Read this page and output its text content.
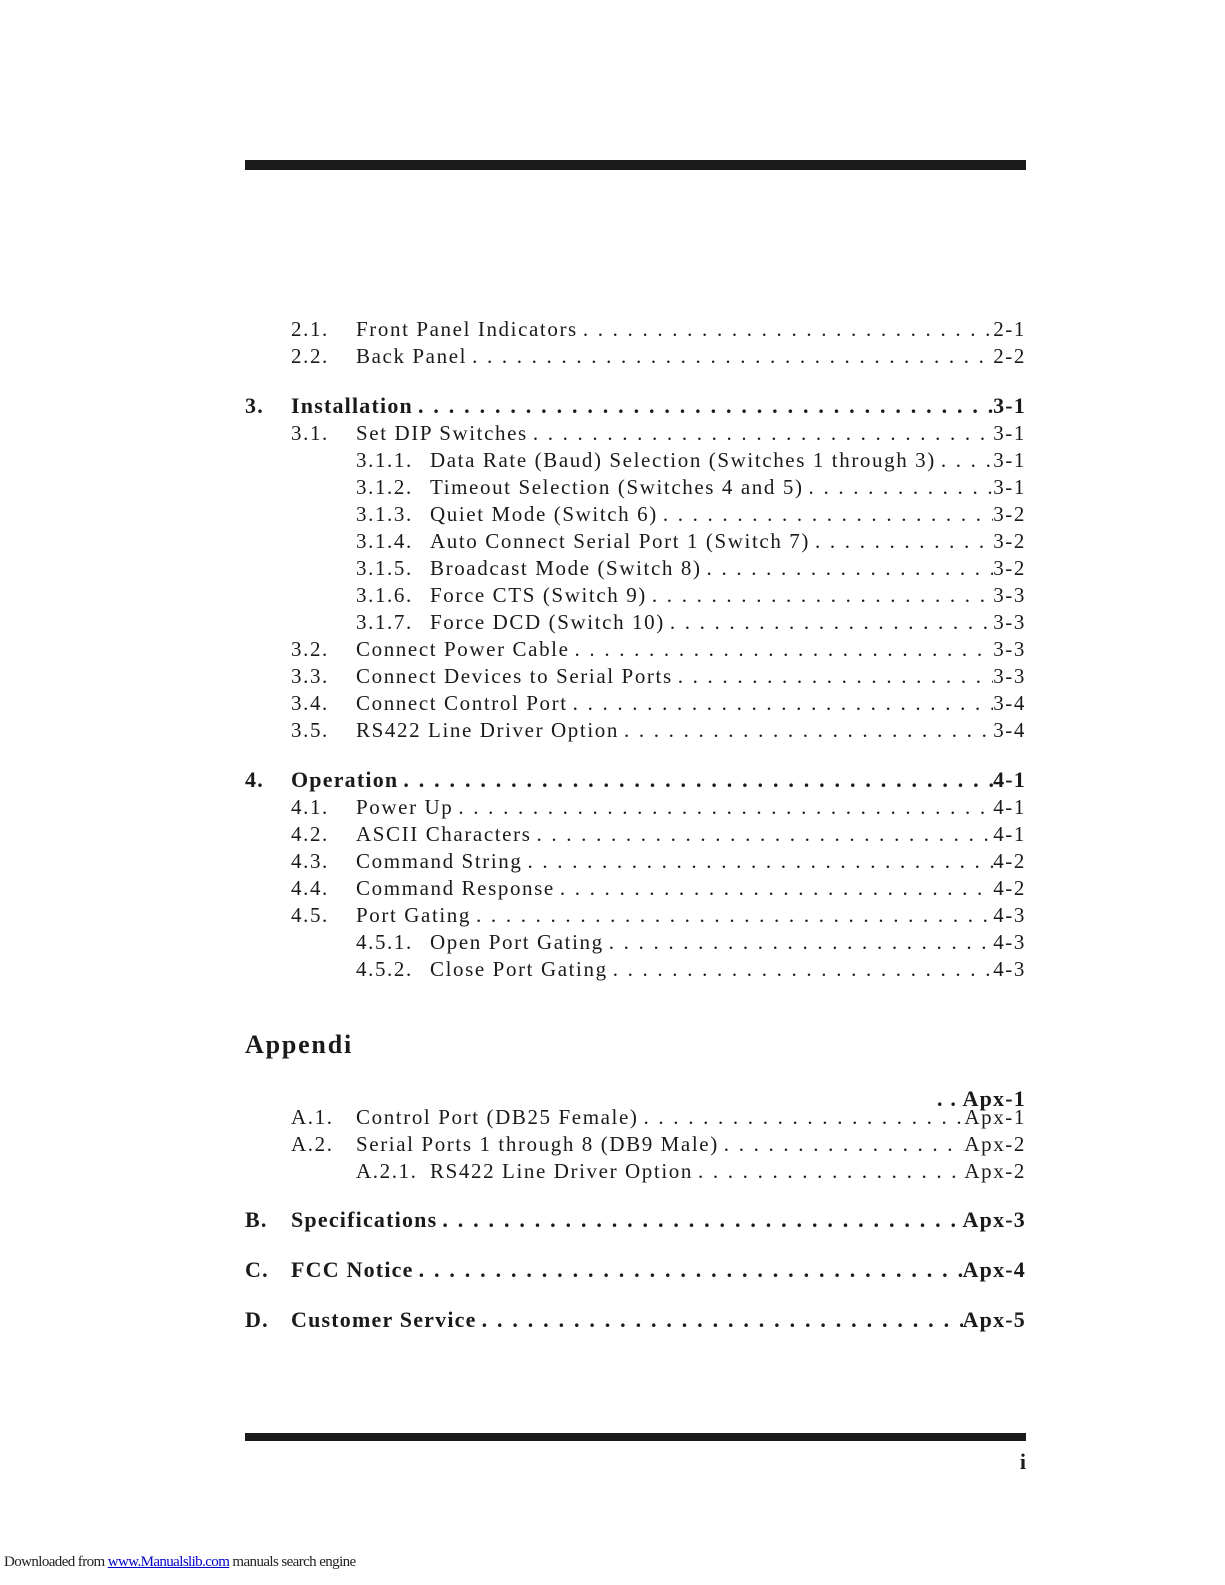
2.1.	Front Panel Indicators . . .	2-1
2.2.	Back Panel . . .	2-2
3.	Installation . . .	3-1
3.1.	Set DIP Switches . . .	3-1
3.1.1. Data Rate (Baud) Selection (Switches 1 through 3) . . .	3-1
3.1.2. Timeout Selection (Switches 4 and 5) . . .	3-1
3.1.3. Quiet Mode (Switch 6) . . .	3-2
3.1.4. Auto Connect Serial Port 1 (Switch 7) . . .	3-2
3.1.5. Broadcast Mode (Switch 8) . . .	3-2
3.1.6. Force CTS (Switch 9) . . .	3-3
3.1.7. Force DCD (Switch 10) . . .	3-3
3.2.	Connect Power Cable . . .	3-3
3.3.	Connect Devices to Serial Ports . . .	3-3
3.4.	Connect Control Port . . .	3-4
3.5.	RS422 Line Driver Option . . .	3-4
4.	Operation . . .	4-1
4.1.	Power Up . . .	4-1
4.2.	ASCII Characters . . .	4-1
4.3.	Command String . . .	4-2
4.4.	Command Response . . .	4-2
4.5.	Port Gating . . .	4-3
4.5.1. Open Port Gating . . .	4-3
4.5.2. Close Port Gating . . .	4-3
Appendi
. . Apx-1
A.1.	Control Port (DB25 Female) . . .	Apx-1
A.2.	Serial Ports 1 through 8 (DB9 Male) . . .	Apx-2
A.2.1. RS422 Line Driver Option . . .	Apx-2
B.	Specifications . . .	Apx-3
C.	FCC Notice . . .	Apx-4
D.	Customer Service . . .	Apx-5
i
Downloaded from www.Manualslib.com manuals search engine
